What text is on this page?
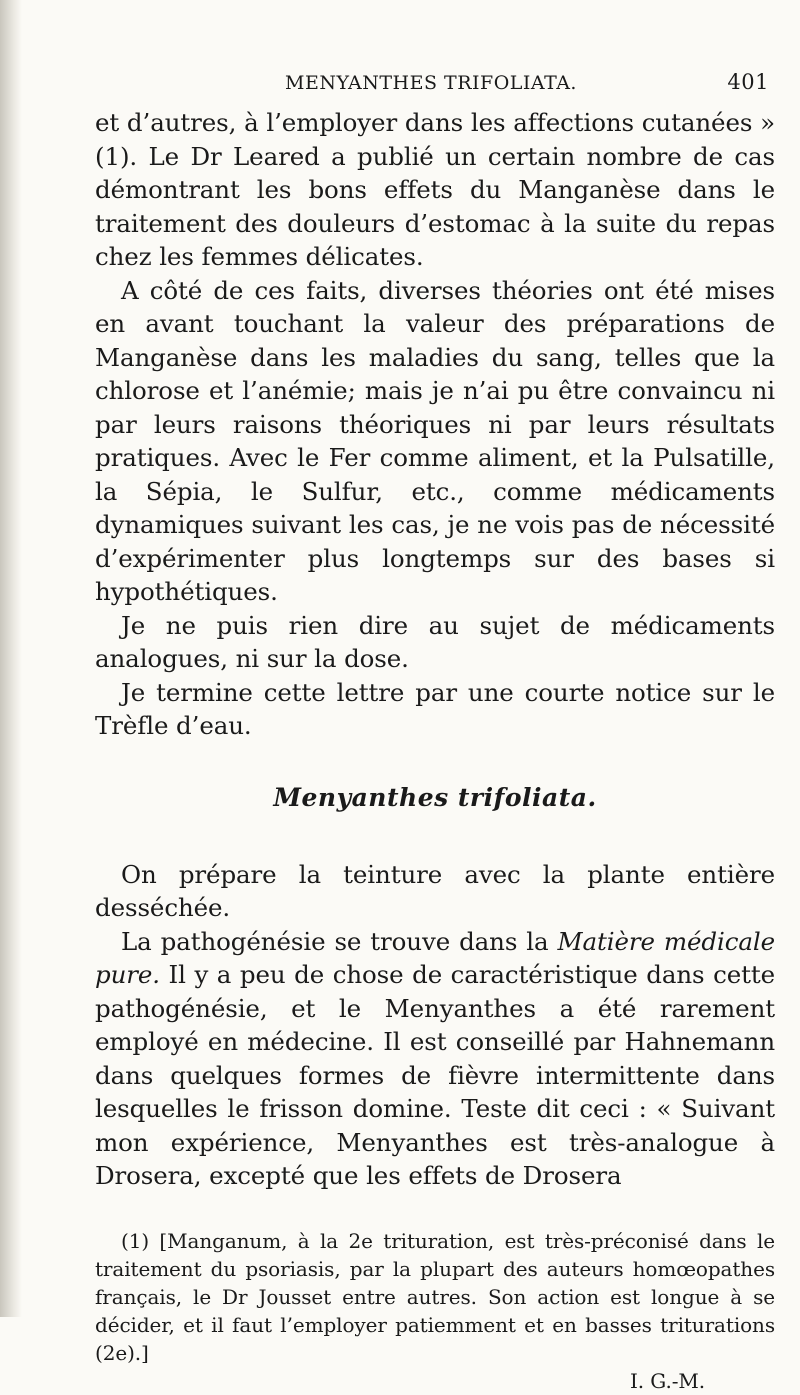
MENYANTHES TRIFOLIATA.	401

et d’autres, à l’employer dans les affections cutanées » (1). Le Dr Leared a publié un certain nombre de cas démontrant les bons effets du Manganèse dans le traitement des douleurs d’estomac à la suite du repas chez les femmes délicates.

A côté de ces faits, diverses théories ont été mises en avant touchant la valeur des préparations de Manganèse dans les maladies du sang, telles que la chlorose et l’anémie; mais je n’ai pu être convaincu ni par leurs raisons théoriques ni par leurs résultats pratiques. Avec le Fer comme aliment, et la Pulsatille, la Sépia, le Sulfur, etc., comme médicaments dynamiques suivant les cas, je ne vois pas de nécessité d’expérimenter plus longtemps sur des bases si hypothétiques.

Je ne puis rien dire au sujet de médicaments analogues, ni sur la dose.

Je termine cette lettre par une courte notice sur le Trèfle d’eau.

Menyanthes trifoliata.

On prépare la teinture avec la plante entière desséchée.

La pathogénésie se trouve dans la Matière médicale pure. Il y a peu de chose de caractéristique dans cette pathogénésie, et le Menyanthes a été rarement employé en médecine. Il est conseillé par Hahnemann dans quelques formes de fièvre intermittente dans lesquelles le frisson domine. Teste dit ceci : « Suivant mon expérience, Menyanthes est très-analogue à Drosera, excepté que les effets de Drosera

(1) [Manganum, à la 2e trituration, est très-préconisé dans le traitement du psoriasis, par la plupart des auteurs homœopathes français, le Dr Jousset entre autres. Son action est longue à se décider, et il faut l’employer patiemment et en basses triturations (2e).]

I. G.-M.
